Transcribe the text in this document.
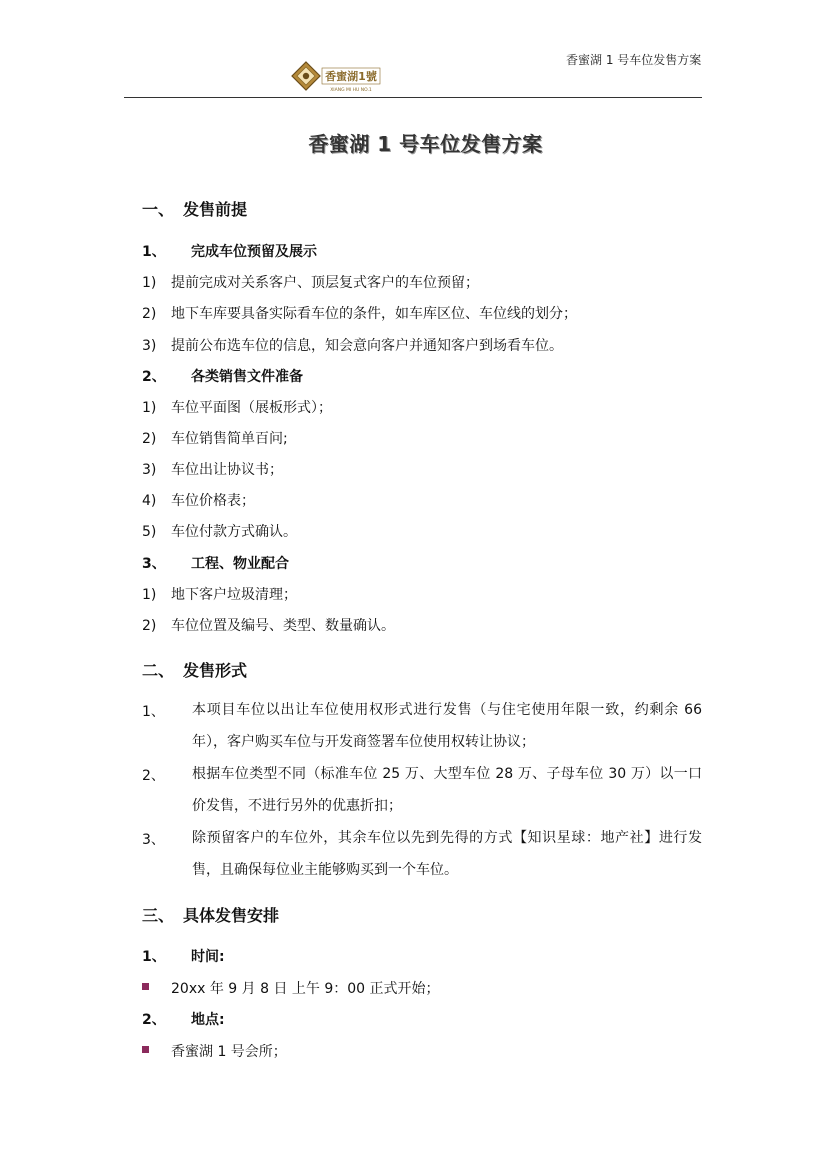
香蜜湖 1 号车位发售方案
香蜜湖1號
XIANG MI HU NO.1
香蜜湖 1 号车位发售方案
一、 发售前提
1、 完成车位预留及展示
1) 提前完成对关系客户、顶层复式客户的车位预留；
2) 地下车库要具备实际看车位的条件，如车库区位、车位线的划分；
3) 提前公布选车位的信息，知会意向客户并通知客户到场看车位。
2、 各类销售文件准备
1) 车位平面图（展板形式）；
2) 车位销售简单百问;
3) 车位出让协议书；
4) 车位价格表；
5) 车位付款方式确认。
3、 工程、物业配合
1) 地下客户垃圾清理；
2) 车位位置及编号、类型、数量确认。
二、 发售形式
1、 本项目车位以出让车位使用权形式进行发售（与住宅使用年限一致，约剩余 66 年），客户购买车位与开发商签署车位使用权转让协议；
2、 根据车位类型不同（标准车位 25 万、大型车位 28 万、子母车位 30 万）以一口价发售，不进行另外的优惠折扣；
3、 除预留客户的车位外，其余车位以先到先得的方式【知识星球：地产社】进行发售，且确保每位业主能够购买到一个车位。
三、 具体发售安排
1、 时间:
20xx 年 9 月 8 日 上午 9：00 正式开始；
2、 地点:
香蜜湖 1 号会所；
